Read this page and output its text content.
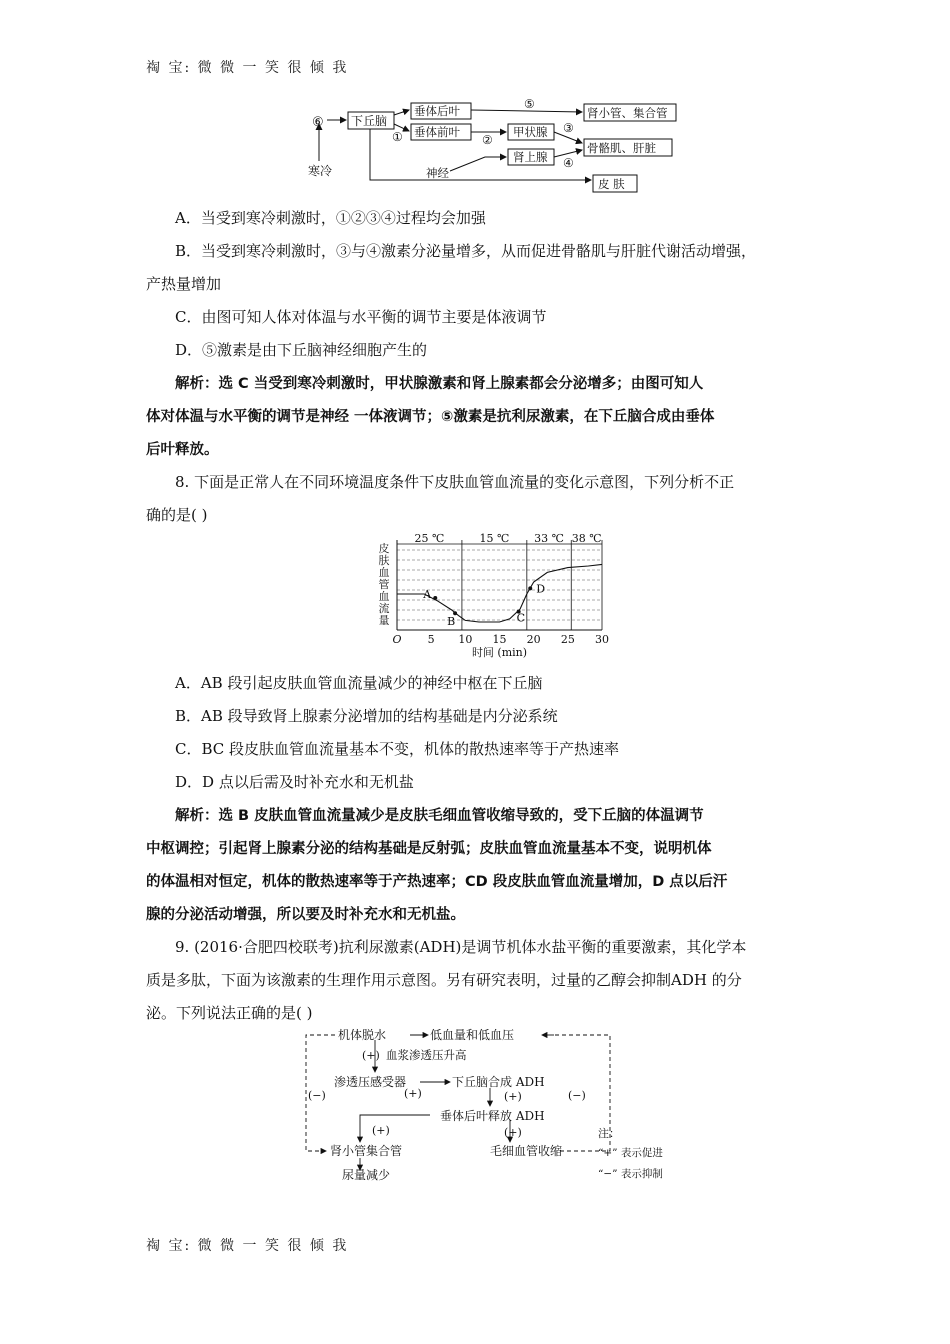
祹 宝: 微 微 一 笑 很 倾 我
祹 宝: 微 微 一 笑 很 倾 我
⑥ 下丘脑
寒冷
垂体后叶
垂体前叶
①	②
③
④
⑤
甲状腺
肾上腺
肾小管、集合管
骨骼肌、肝脏
神经
皮 肤
A．当受到寒冷刺激时，①②③④过程均会加强
B．当受到寒冷刺激时，③与④激素分泌量增多，从而促进骨骼肌与肝脏代谢活动增强，
产热量增加
C．由图可知人体对体温与水平衡的调节主要是体液调节
D．⑤激素是由下丘脑神经细胞产生的
解析：选 C 当受到寒冷刺激时，甲状腺激素和肾上腺素都会分泌增多；由图可知人
体对体温与水平衡的调节是神经 一体液调节；⑤激素是抗利尿激素，在下丘脑合成由垂体
后叶释放。
8. 下面是正常人在不同环境温度条件下皮肤血管血流量的变化示意图，下列分析不正
确的是( )
25 ℃	15 ℃ 33 ℃ 38 ℃
O 5 10 15 20 25 30
时间 (min)
皮
肤
血
管
血
流
量
A
B	C
D
A．AB 段引起皮肤血管血流量减少的神经中枢在下丘脑
B．AB 段导致肾上腺素分泌增加的结构基础是内分泌系统
C．BC 段皮肤血管血流量基本不变，机体的散热速率等于产热速率
D．D 点以后需及时补充水和无机盐
解析：选 B 皮肤血管血流量减少是皮肤毛细血管收缩导致的，受下丘脑的体温调节
中枢调控；引起肾上腺素分泌的结构基础是反射弧；皮肤血管血流量基本不变，说明机体
的体温相对恒定，机体的散热速率等于产热速率；CD 段皮肤血管血流量增加，D 点以后汗
腺的分泌活动增强，所以要及时补充水和无机盐。
9. (2016·合肥四校联考)抗利尿激素(ADH)是调节机体水盐平衡的重要激素，其化学本
质是多肽，下面为该激素的生理作用示意图。另有研究表明，过量的乙醇会抑制ADH 的分
泌。下列说法正确的是( )
机体脱水	低血量和低血压
(+) 血浆渗透压升高
渗透压感受器	下丘脑合成 ADH
(+)	(+)
(−)	(−)
垂体后叶释放 ADH
(+)	(+)
肾小管集合管	毛细血管收缩
尿量减少
注：
“+” 表示促进
“−” 表示抑制
